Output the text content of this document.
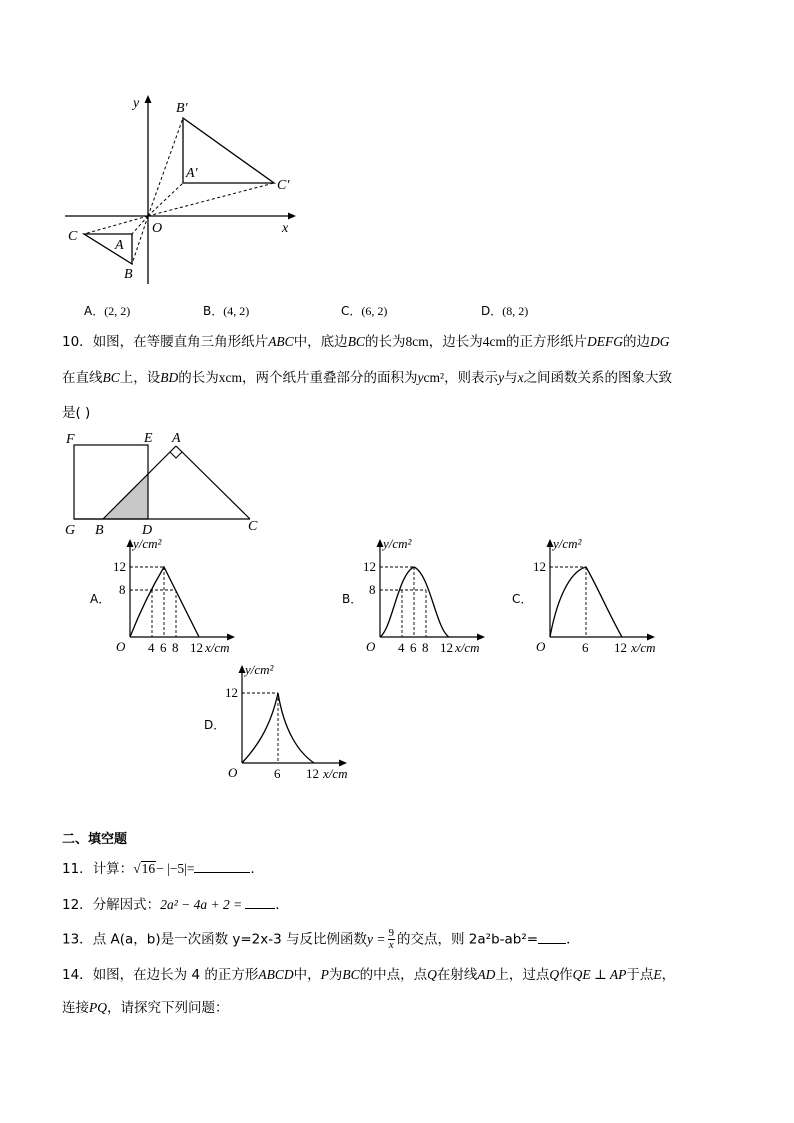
y
x
O
B′
A′
C′
C
A
B
A．(2, 2)	B．(4, 2)	C．(6, 2)	D．(8, 2)
10．如图，在等腰直角三角形纸片ABC中，底边BC的长为8cm，边长为4cm的正方形纸片DEFG的边DG
在直线BC上，设BD的长为xcm，两个纸片重叠部分的面积为ycm²，则表示y与x之间函数关系的图象大致
是( )
F	E A
G B	D	C
A．	B．	C．
D．
y/cm²
12
8
O 4 6 8 12 x/cm
y/cm²
12
8
O 4 6 8 12 x/cm
y/cm²
12
O	6 12 x/cm
y/cm²
12
O	6 12 x/cm
二、填空题
11．计算：√16− |−5|=	．
12．分解因式：2a² − 4a + 2 = ．
13．点 A(a，b)是一次函数 y=2x-3 与反比例函数$y = \frac{9}{x}$ 的交点，则 2a²b-ab²= ．
14．如图，在边长为 4 的正方形ABCD中，P为BC的中点，点Q在射线AD上，过点Q作QE ⊥ AP于点E，
连接PQ，请探究下列问题：
